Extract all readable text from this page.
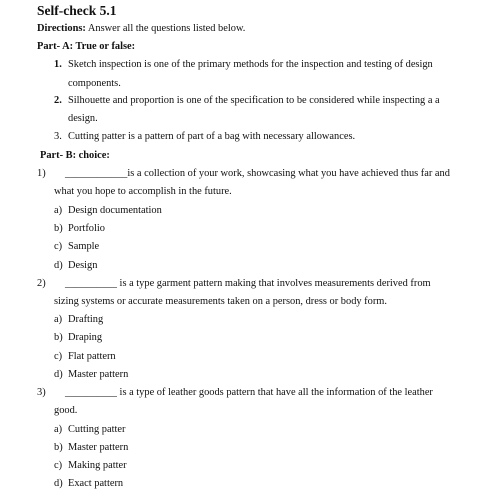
Self-check 5.1
Directions: Answer all the questions listed below.
Part- A: True or false:
1. Sketch inspection is one of the primary methods for the inspection and testing of design
components.
2. Silhouette and proportion is one of the specification to be considered while inspecting a a
design.
3. Cutting patter is a pattern of part of a bag with necessary allowances.
Part- B: choice:
1) ____________is a collection of your work, showcasing what you have achieved thus far and
what you hope to accomplish in the future.
a) Design documentation
b) Portfolio
c) Sample
d) Design
2) __________ is a type garment pattern making that involves measurements derived from
sizing systems or accurate measurements taken on a person, dress or body form.
a) Drafting
b) Draping
c) Flat pattern
d) Master pattern
3) __________ is a type of leather goods pattern that have all the information of the leather
good.
a) Cutting patter
b) Master pattern
c) Making patter
d) Exact pattern
